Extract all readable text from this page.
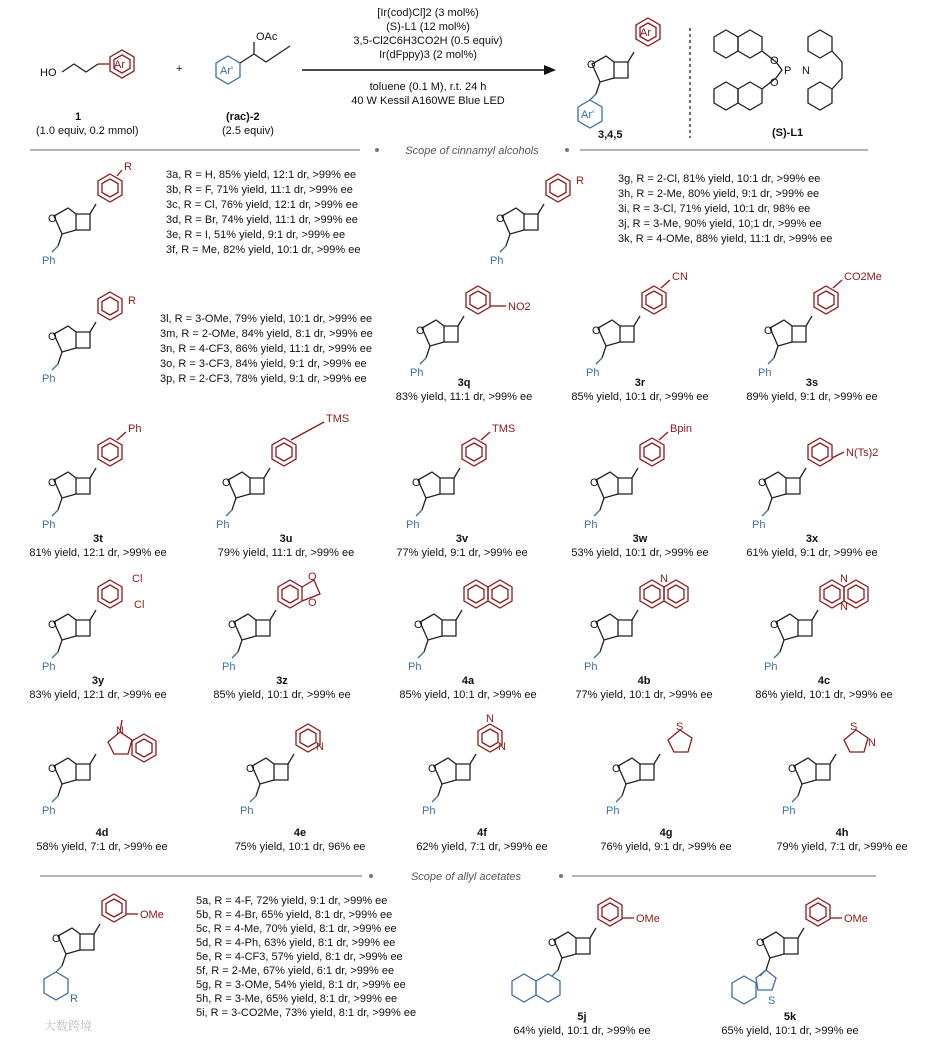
HO
Ar
1
(1.0 equiv, 0.2 mmol)
+
OAc
Ar'
(rac)-2
(2.5 equiv)
[Ir(cod)Cl]2 (3 mol%)
(S)-L1 (12 mol%)
3,5-Cl2C6H3CO2H (0.5 equiv)
Ir(dFppy)3 (2 mol%)
toluene (0.1 M), r.t. 24 h
40 W Kessil A160WE Blue LED
Ar
Ar'
O
3,4,5
O
O
P N
(S)-L1
Scope of cinnamyl alcohols
R
O
Ph
3a, R = H, 85% yield, 12:1 dr, >99% ee
3b, R = F, 71% yield, 11:1 dr, >99% ee
3c, R = Cl, 76% yield, 12:1 dr, >99% ee
3d, R = Br, 74% yield, 11:1 dr, >99% ee
3e, R = I, 51% yield, 9:1 dr, >99% ee
3f, R = Me, 82% yield, 10:1 dr, >99% ee
R
O
Ph
3g, R = 2-Cl, 81% yield, 10:1 dr, >99% ee
3h, R = 2-Me, 80% yield, 9:1 dr, >99% ee
3i, R = 3-Cl, 71% yield, 10:1 dr, 98% ee
3j, R = 3-Me, 90% yield, 10;1 dr, >99% ee
3k, R = 4-OMe, 88% yield, 11:1 dr, >99% ee
R
O
Ph
3l, R = 3-OMe, 79% yield, 10:1 dr, >99% ee
3m, R = 2-OMe, 84% yield, 8:1 dr, >99% ee
3n, R = 4-CF3, 86% yield, 11:1 dr, >99% ee
3o, R = 3-CF3, 84% yield, 9:1 dr, >99% ee
3p, R = 2-CF3, 78% yield, 9:1 dr, >99% ee
NO2
O
Ph
3q
83% yield, 11:1 dr, >99% ee
CN
O
Ph
3r
85% yield, 10:1 dr, >99% ee
CO2Me
O
Ph
3s
89% yield, 9:1 dr, >99% ee
Ph
O
Ph
3t
81% yield, 12:1 dr, >99% ee
TMS
O
Ph
3u
79% yield, 11:1 dr, >99% ee
TMS
O
Ph
3v
77% yield, 9:1 dr, >99% ee
Bpin
O
Ph
3w
53% yield, 10:1 dr, >99% ee
N(Ts)2
O
Ph
3x
61% yield, 9:1 dr, >99% ee
Cl
Cl
O
Ph
3y
83% yield, 12:1 dr, >99% ee
O
O
O
Ph
3z
85% yield, 10:1 dr, >99% ee
O
Ph
4a
85% yield, 10:1 dr, >99% ee
N
O
Ph
4b
77% yield, 10:1 dr, >99% ee
N
N
O
Ph
4c
86% yield, 10:1 dr, >99% ee
N
O
Ph
4d
58% yield, 7:1 dr, >99% ee
N
O
Ph
4e
75% yield, 10:1 dr, 96% ee
N
N
O
Ph
4f
62% yield, 7:1 dr, >99% ee
S
O
Ph
4g
76% yield, 9:1 dr, >99% ee
S
N
O
Ph
4h
79% yield, 7:1 dr, >99% ee
Scope of allyl acetates
OMe
R
O
5a, R = 4-F, 72% yield, 9:1 dr, >99% ee
5b, R = 4-Br, 65% yield, 8:1 dr, >99% ee
5c, R = 4-Me, 70% yield, 8:1 dr, >99% ee
5d, R = 4-Ph, 63% yield, 8:1 dr, >99% ee
5e, R = 4-CF3, 57% yield, 8:1 dr, >99% ee
5f, R = 2-Me, 67% yield, 6:1 dr, >99% ee
5g, R = 3-OMe, 54% yield, 8:1 dr, >99% ee
5h, R = 3-Me, 65% yield, 8:1 dr, >99% ee
5i, R = 3-CO2Me, 73% yield, 8:1 dr, >99% ee
OMe
O
5j
64% yield, 10:1 dr, >99% ee
OMe
S
O
5k
65% yield, 10:1 dr, >99% ee
大数跨境
